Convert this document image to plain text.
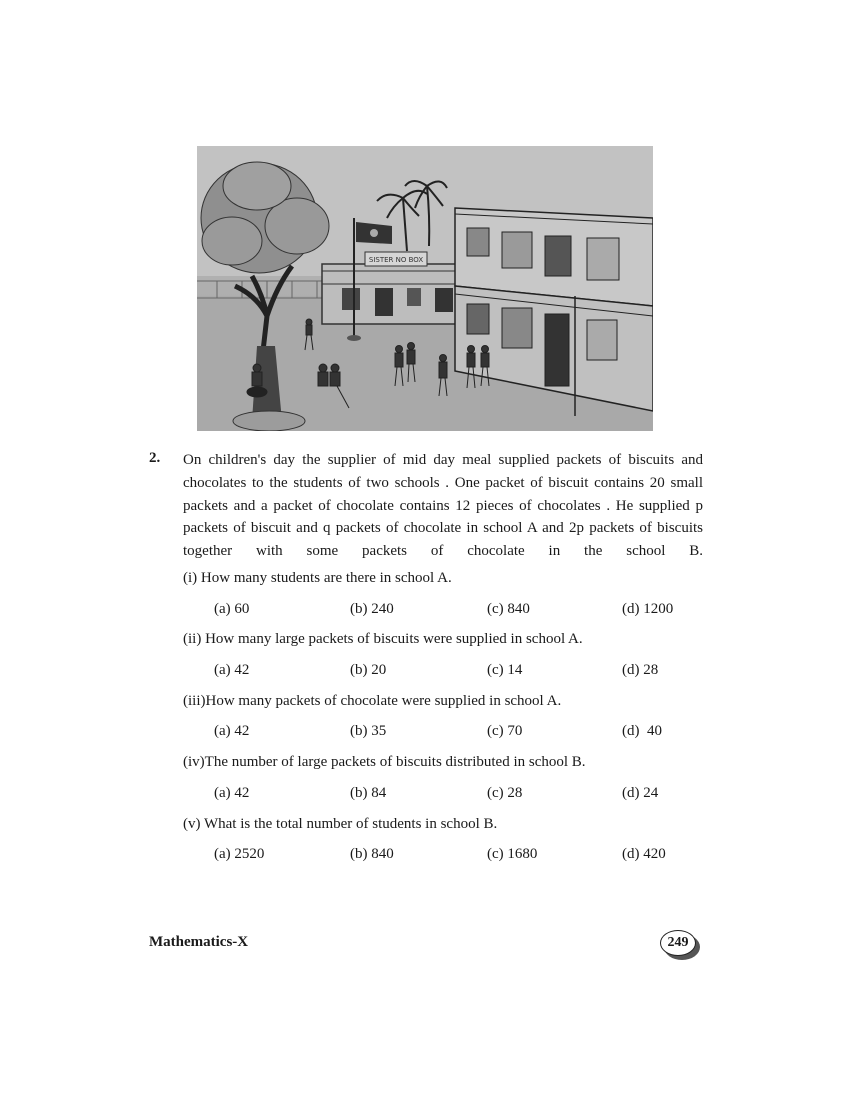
SISTER NO BOX
2. On children's day the supplier of mid day meal supplied packets of biscuits and chocolates to the students of two schools . One packet of biscuit contains 20 small packets and a packet of chocolate contains 12 pieces of chocolates . He supplied p packets of biscuit and q packets of chocolate in school A and 2p packets of biscuits together with some packets of chocolate in the school B.
(i) How many students are there in school A.
(a) 60	(b) 240	(c) 840	(d) 1200
(ii) How many large packets of biscuits were supplied in school A.
(a) 42	(b) 20	(c) 14	(d) 28
(iii)How many packets of chocolate were supplied in school A.
(a) 42	(b) 35	(c) 70	(d)  40
(iv)The number of large packets of biscuits distributed in school B.
(a) 42	(b) 84	(c) 28	(d) 24
(v) What is the total number of students in school B.
(a) 2520	(b) 840	(c) 1680	(d) 420
Mathematics-X	249
